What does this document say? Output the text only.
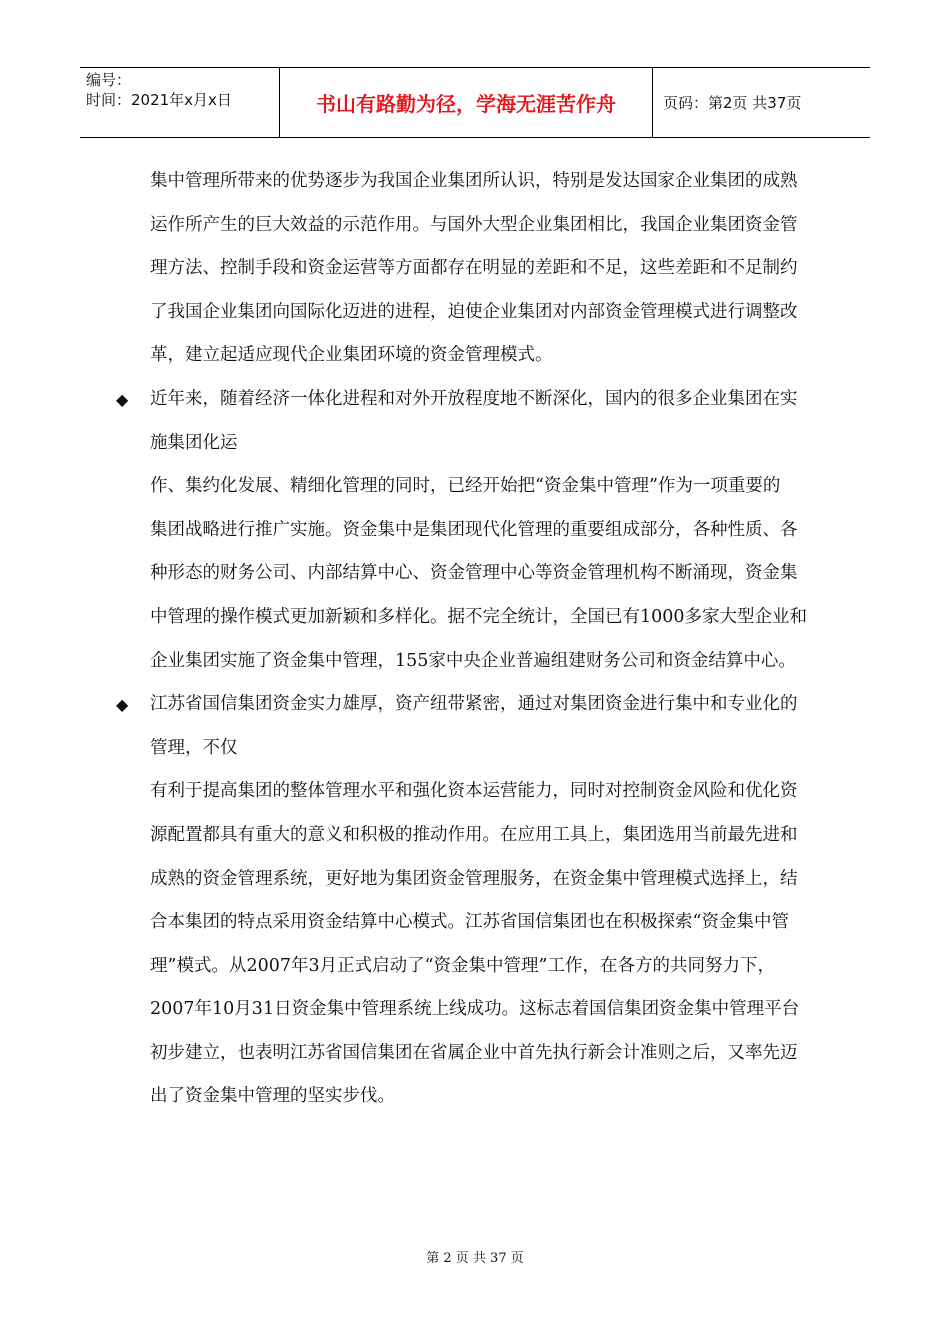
编号：
时间：2021年x月x日	书山有路勤为径，学海无涯苦作舟	页码：第2页 共37页
集中管理所带来的优势逐步为我国企业集团所认识，特别是发达国家企业集团的成熟
运作所产生的巨大效益的示范作用。与国外大型企业集团相比，我国企业集团资金管
理方法、控制手段和资金运营等方面都存在明显的差距和不足，这些差距和不足制约
了我国企业集团向国际化迈进的进程，迫使企业集团对内部资金管理模式进行调整改
革，建立起适应现代企业集团环境的资金管理模式。
◆ 近年来，随着经济一体化进程和对外开放程度地不断深化，国内的很多企业集团在实
施集团化运
作、集约化发展、精细化管理的同时，已经开始把“资金集中管理”作为一项重要的
集团战略进行推广实施。资金集中是集团现代化管理的重要组成部分，各种性质、各
种形态的财务公司、内部结算中心、资金管理中心等资金管理机构不断涌现，资金集
中管理的操作模式更加新颖和多样化。据不完全统计，全国已有1000多家大型企业和
企业集团实施了资金集中管理，155家中央企业普遍组建财务公司和资金结算中心。
◆ 江苏省国信集团资金实力雄厚，资产纽带紧密，通过对集团资金进行集中和专业化的
管理，不仅
有利于提高集团的整体管理水平和强化资本运营能力，同时对控制资金风险和优化资
源配置都具有重大的意义和积极的推动作用。在应用工具上，集团选用当前最先进和
成熟的资金管理系统，更好地为集团资金管理服务，在资金集中管理模式选择上，结
合本集团的特点采用资金结算中心模式。江苏省国信集团也在积极探索“资金集中管
理”模式。从2007年3月正式启动了“资金集中管理”工作，在各方的共同努力下，
2007年10月31日资金集中管理系统上线成功。这标志着国信集团资金集中管理平台
初步建立，也表明江苏省国信集团在省属企业中首先执行新会计准则之后，又率先迈
出了资金集中管理的坚实步伐。
第 2 页 共 37 页
